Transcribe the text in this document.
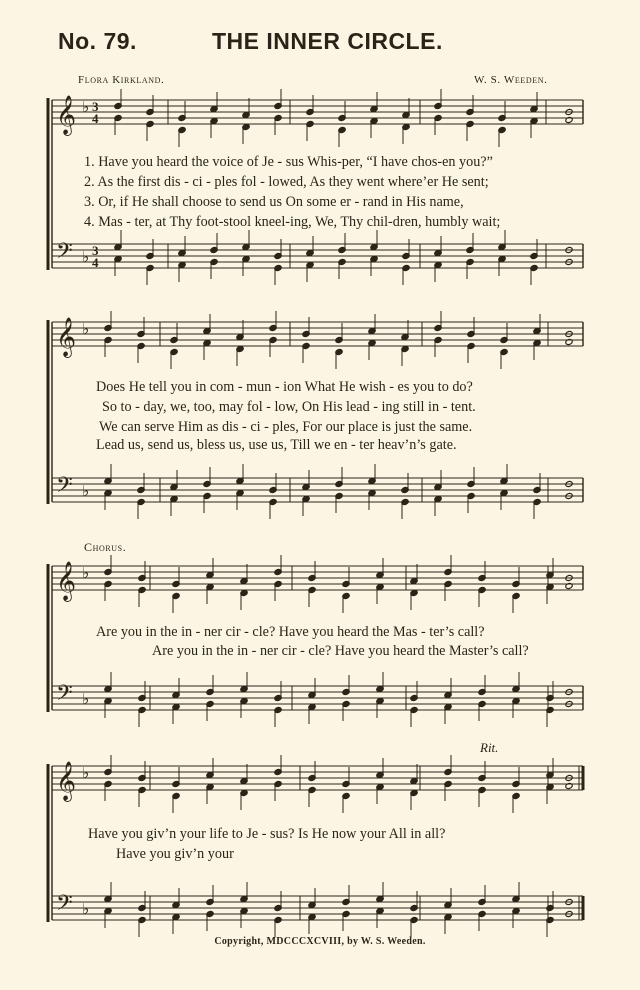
No. 79.	THE INNER CIRCLE.
Flora Kirkland.	W. S. Weeden.
𝄞
𝄢
♭
♭
3
4
3
4
1. Have you heard the voice of Je - sus Whis-per, “I have chos-en you?”
2. As the first dis - ci - ples fol - lowed, As they went where’er He sent;
3. Or, if He shall choose to send us On some er - rand in His name,
4. Mas - ter, at Thy foot-stool kneel-ing, We, Thy chil-dren, humbly wait;
𝄞
𝄢
♭
♭
Does He tell you in com - mun - ion What He wish - es you to do?
So to - day, we, too, may fol - low, On His lead - ing still in - tent.
We can serve Him as dis - ci - ples, For our place is just the same.
Lead us, send us, bless us, use us, Till we en - ter heav’n’s gate.
Chorus.
𝄞
𝄢
♭
♭
Are you in the in - ner cir - cle? Have you heard the Mas - ter’s call?
Are you in the in - ner cir - cle? Have you heard the Master’s call?
Rit.
𝄞
𝄢
♭
♭
Have you giv’n your life to Je - sus? Is He now your All in all?
Have you giv’n your
Copyright, MDCCCXCVIII, by W. S. Weeden.
